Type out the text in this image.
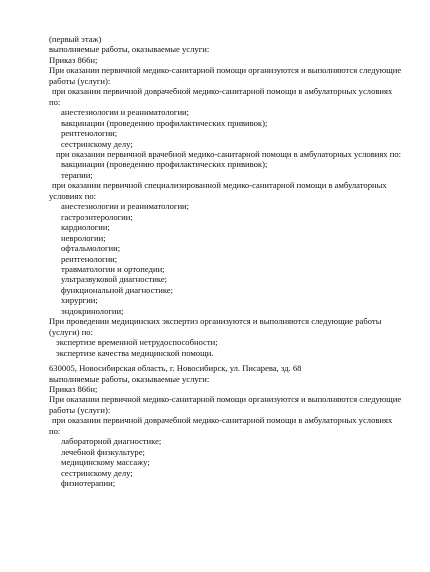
(первый этаж)
выполняемые работы, оказываемые услуги:
Приказ 866н;
При оказании первичной медико-санитарной помощи организуются и выполняются следующие
работы (услуги):
при оказании первичной доврачебной медико-санитарной помощи в амбулаторных условиях
по:
анестезиологии и реаниматологии;
вакцинации (проведению профилактических прививок);
рентгенологии;
сестринскому делу;
при оказании первичной врачебной медико-санитарной помощи в амбулаторных условиях по:
вакцинации (проведению профилактических прививок);
терапии;
при оказании первичной специализированной медико-санитарной помощи в амбулаторных
условиях по:
анестезиологии и реаниматологии;
гастроэнтерологии;
кардиологии;
неврологии;
офтальмологии;
рентгенологии;
травматологии и ортопедии;
ультразвуковой диагностике;
функциональной диагностике;
хирургии;
эндокринологии;
При проведении медицинских экспертиз организуются и выполняются следующие работы
(услуги) по:
экспертизе временной нетрудоспособности;
экспертизе качества медицинской помощи.
630005, Новосибирская область, г. Новосибирск, ул. Писарева, зд. 68
выполняемые работы, оказываемые услуги:
Приказ 866н;
При оказании первичной медико-санитарной помощи организуются и выполняются следующие
работы (услуги):
при оказании первичной доврачебной медико-санитарной помощи в амбулаторных условиях
по:
лабораторной диагностике;
лечебной физкультуре;
медицинскому массажу;
сестринскому делу;
физиотерапии;
